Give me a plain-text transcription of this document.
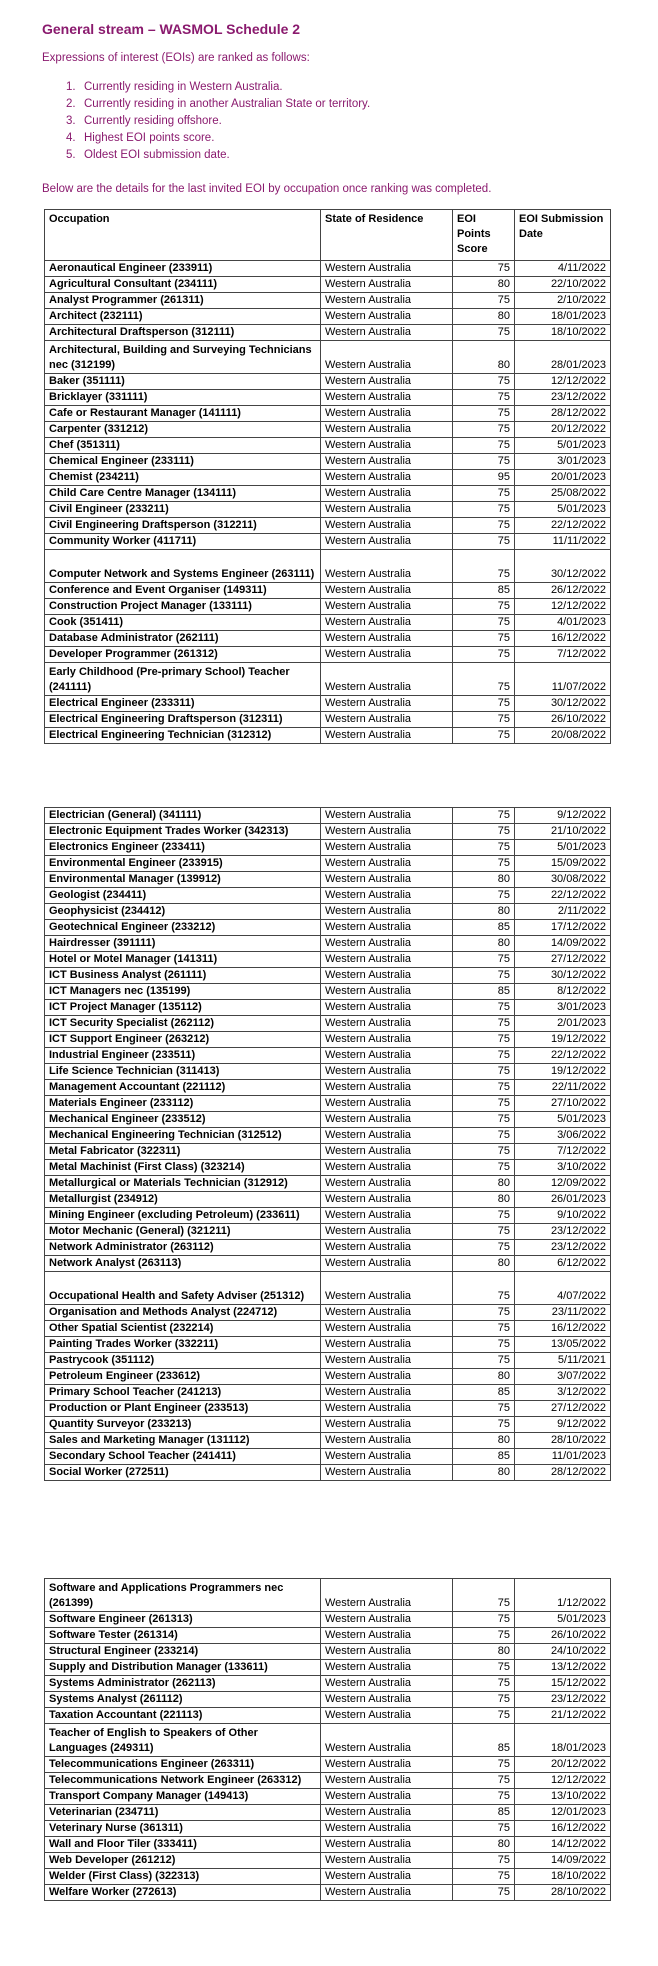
General stream – WASMOL Schedule 2
Expressions of interest (EOIs) are ranked as follows:
1. Currently residing in Western Australia.
2. Currently residing in another Australian State or territory.
3. Currently residing offshore.
4. Highest EOI points score.
5. Oldest EOI submission date.
Below are the details for the last invited EOI by occupation once ranking was completed.
Occupation	State of Residence	EOI Points Score	EOI Submission Date
Aeronautical Engineer (233911)	Western Australia	75	4/11/2022
Agricultural Consultant (234111)	Western Australia	80	22/10/2022
Analyst Programmer (261311)	Western Australia	75	2/10/2022
Architect (232111)	Western Australia	80	18/01/2023
Architectural Draftsperson (312111)	Western Australia	75	18/10/2022
Architectural, Building and Surveying Technicians nec (312199)	Western Australia	80	28/01/2023
Baker (351111)	Western Australia	75	12/12/2022
Bricklayer (331111)	Western Australia	75	23/12/2022
Cafe or Restaurant Manager (141111)	Western Australia	75	28/12/2022
Carpenter (331212)	Western Australia	75	20/12/2022
Chef (351311)	Western Australia	75	5/01/2023
Chemical Engineer (233111)	Western Australia	75	3/01/2023
Chemist (234211)	Western Australia	95	20/01/2023
Child Care Centre Manager (134111)	Western Australia	75	25/08/2022
Civil Engineer (233211)	Western Australia	75	5/01/2023
Civil Engineering Draftsperson (312211)	Western Australia	75	22/12/2022
Community Worker (411711)	Western Australia	75	11/11/2022
Computer Network and Systems Engineer (263111)	Western Australia	75	30/12/2022
Conference and Event Organiser (149311)	Western Australia	85	26/12/2022
Construction Project Manager (133111)	Western Australia	75	12/12/2022
Cook (351411)	Western Australia	75	4/01/2023
Database Administrator (262111)	Western Australia	75	16/12/2022
Developer Programmer (261312)	Western Australia	75	7/12/2022
Early Childhood (Pre-primary School) Teacher (241111)	Western Australia	75	11/07/2022
Electrical Engineer (233311)	Western Australia	75	30/12/2022
Electrical Engineering Draftsperson (312311)	Western Australia	75	26/10/2022
Electrical Engineering Technician (312312)	Western Australia	75	20/08/2022
Electrician (General) (341111)	Western Australia	75	9/12/2022
Electronic Equipment Trades Worker (342313)	Western Australia	75	21/10/2022
Electronics Engineer (233411)	Western Australia	75	5/01/2023
Environmental Engineer (233915)	Western Australia	75	15/09/2022
Environmental Manager (139912)	Western Australia	80	30/08/2022
Geologist (234411)	Western Australia	75	22/12/2022
Geophysicist (234412)	Western Australia	80	2/11/2022
Geotechnical Engineer (233212)	Western Australia	85	17/12/2022
Hairdresser (391111)	Western Australia	80	14/09/2022
Hotel or Motel Manager (141311)	Western Australia	75	27/12/2022
ICT Business Analyst (261111)	Western Australia	75	30/12/2022
ICT Managers nec (135199)	Western Australia	85	8/12/2022
ICT Project Manager (135112)	Western Australia	75	3/01/2023
ICT Security Specialist (262112)	Western Australia	75	2/01/2023
ICT Support Engineer (263212)	Western Australia	75	19/12/2022
Industrial Engineer (233511)	Western Australia	75	22/12/2022
Life Science Technician (311413)	Western Australia	75	19/12/2022
Management Accountant (221112)	Western Australia	75	22/11/2022
Materials Engineer (233112)	Western Australia	75	27/10/2022
Mechanical Engineer (233512)	Western Australia	75	5/01/2023
Mechanical Engineering Technician (312512)	Western Australia	75	3/06/2022
Metal Fabricator (322311)	Western Australia	75	7/12/2022
Metal Machinist (First Class) (323214)	Western Australia	75	3/10/2022
Metallurgical or Materials Technician (312912)	Western Australia	80	12/09/2022
Metallurgist (234912)	Western Australia	80	26/01/2023
Mining Engineer (excluding Petroleum) (233611)	Western Australia	75	9/10/2022
Motor Mechanic (General) (321211)	Western Australia	75	23/12/2022
Network Administrator (263112)	Western Australia	75	23/12/2022
Network Analyst (263113)	Western Australia	80	6/12/2022
Occupational Health and Safety Adviser (251312)	Western Australia	75	4/07/2022
Organisation and Methods Analyst (224712)	Western Australia	75	23/11/2022
Other Spatial Scientist (232214)	Western Australia	75	16/12/2022
Painting Trades Worker (332211)	Western Australia	75	13/05/2022
Pastrycook (351112)	Western Australia	75	5/11/2021
Petroleum Engineer (233612)	Western Australia	80	3/07/2022
Primary School Teacher (241213)	Western Australia	85	3/12/2022
Production or Plant Engineer (233513)	Western Australia	75	27/12/2022
Quantity Surveyor (233213)	Western Australia	75	9/12/2022
Sales and Marketing Manager (131112)	Western Australia	80	28/10/2022
Secondary School Teacher (241411)	Western Australia	85	11/01/2023
Social Worker (272511)	Western Australia	80	28/12/2022
Software and Applications Programmers nec (261399)	Western Australia	75	1/12/2022
Software Engineer (261313)	Western Australia	75	5/01/2023
Software Tester (261314)	Western Australia	75	26/10/2022
Structural Engineer (233214)	Western Australia	80	24/10/2022
Supply and Distribution Manager (133611)	Western Australia	75	13/12/2022
Systems Administrator (262113)	Western Australia	75	15/12/2022
Systems Analyst (261112)	Western Australia	75	23/12/2022
Taxation Accountant (221113)	Western Australia	75	21/12/2022
Teacher of English to Speakers of Other Languages (249311)	Western Australia	85	18/01/2023
Telecommunications Engineer (263311)	Western Australia	75	20/12/2022
Telecommunications Network Engineer (263312)	Western Australia	75	12/12/2022
Transport Company Manager (149413)	Western Australia	75	13/10/2022
Veterinarian (234711)	Western Australia	85	12/01/2023
Veterinary Nurse (361311)	Western Australia	75	16/12/2022
Wall and Floor Tiler (333411)	Western Australia	80	14/12/2022
Web Developer (261212)	Western Australia	75	14/09/2022
Welder (First Class) (322313)	Western Australia	75	18/10/2022
Welfare Worker (272613)	Western Australia	75	28/10/2022
